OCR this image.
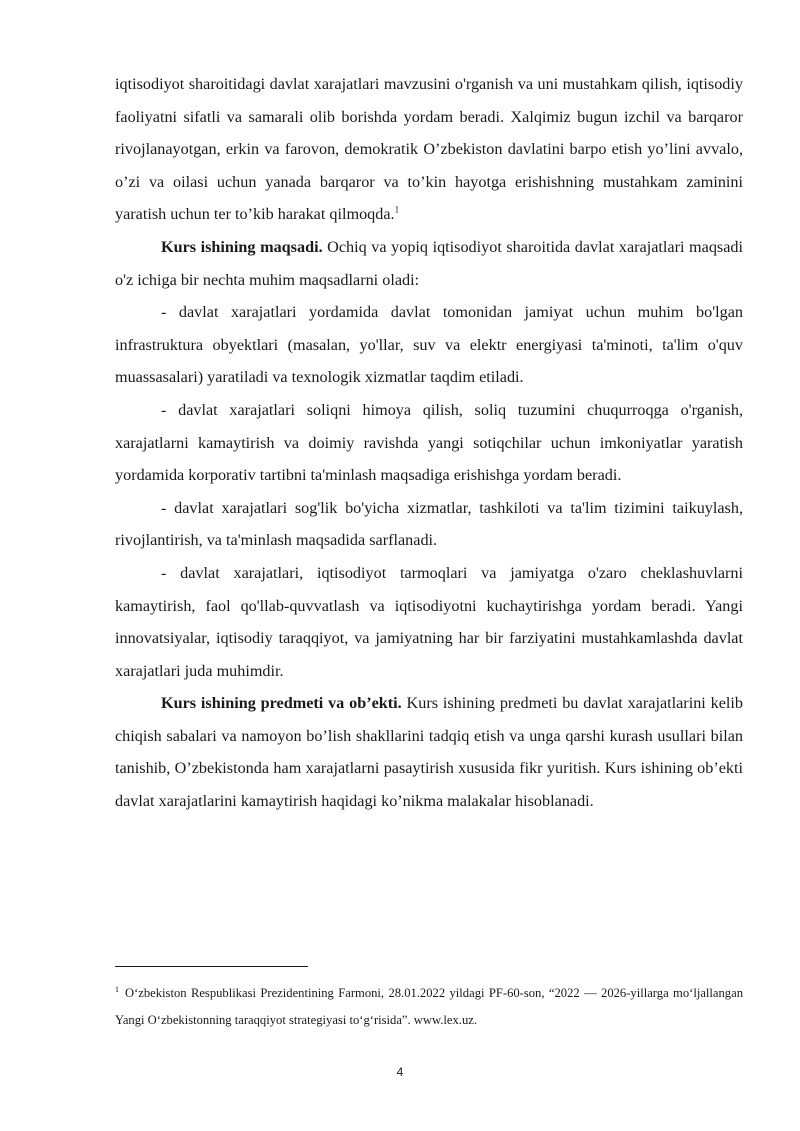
iqtisodiyot sharoitidagi davlat xarajatlari mavzusini o'rganish va uni mustahkam qilish, iqtisodiy faoliyatni sifatli va samarali olib borishda yordam beradi. Xalqimiz bugun izchil va barqaror rivojlanayotgan, erkin va farovon, demokratik O’zbekiston davlatini barpo etish yo’lini avvalo, o’zi va oilasi uchun yanada barqaror va to’kin hayotga erishishning mustahkam zaminini yaratish uchun ter to’kib harakat qilmoqda.$^1$

Kurs ishining maqsadi. Ochiq va yopiq iqtisodiyot sharoitida davlat xarajatlari maqsadi o'z ichiga bir nechta muhim maqsadlarni oladi:

- davlat xarajatlari yordamida davlat tomonidan jamiyat uchun muhim bo'lgan infrastruktura obyektlari (masalan, yo'llar, suv va elektr energiyasi ta'minoti, ta'lim o'quv muassasalari) yaratiladi va texnologik xizmatlar taqdim etiladi.

- davlat xarajatlari soliqni himoya qilish, soliq tuzumini chuqurroqga o'rganish, xarajatlarni kamaytirish va doimiy ravishda yangi sotiqchilar uchun imkoniyatlar yaratish yordamida korporativ tartibni ta'minlash maqsadiga erishishga yordam beradi.

- davlat xarajatlari sog'lik bo'yicha xizmatlar, tashkiloti va ta'lim tizimini taikuylash, rivojlantirish, va ta'minlash maqsadida sarflanadi.

- davlat xarajatlari, iqtisodiyot tarmoqlari va jamiyatga o'zaro cheklashuvlarni kamaytirish, faol qo'llab-quvvatlash va iqtisodiyotni kuchaytirishga yordam beradi. Yangi innovatsiyalar, iqtisodiy taraqqiyot, va jamiyatning har bir farziyatini mustahkamlashda davlat xarajatlari juda muhimdir.

Kurs ishining predmeti va ob’ekti. Kurs ishining predmeti bu davlat xarajatlarini kelib chiqish sabalari va namoyon bo’lish shakllarini tadqiq etish va unga qarshi kurash usullari bilan tanishib, O’zbekistonda ham xarajatlarni pasaytirish xususida fikr yuritish. Kurs ishining ob’ekti davlat xarajatlarini kamaytirish haqidagi ko’nikma malakalar hisoblanadi.

$^1$ O‘zbekiston Respublikasi Prezidentining Farmoni, 28.01.2022 yildagi PF-60-son, “2022 — 2026-yillarga mo‘ljallangan Yangi O‘zbekistonning taraqqiyot strategiyasi to‘g‘risida”. www.lex.uz.

4
